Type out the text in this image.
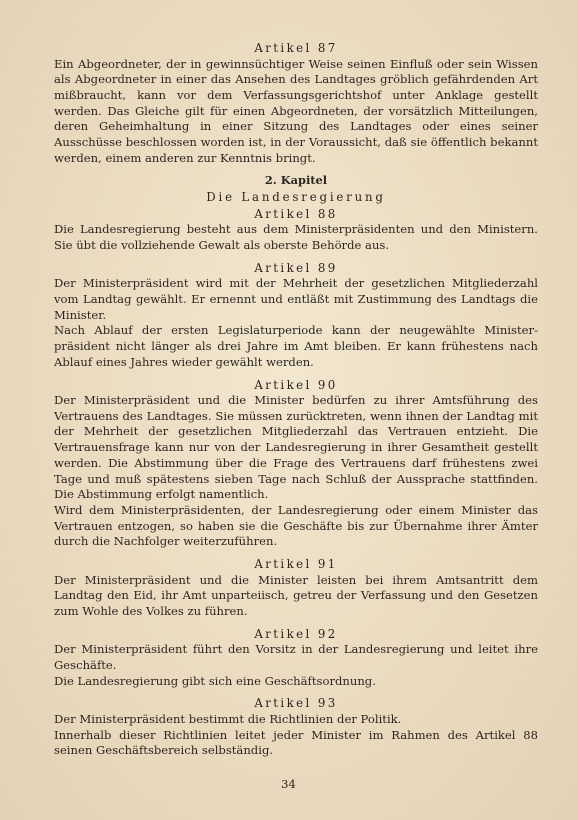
Artikel 87

Ein Abgeordneter, der in gewinnsüchtiger Weise seinen Einfluß oder sein Wissen als Abgeordneter in einer das Ansehen des Landtages gröblich gefährdenden Art mißbraucht, kann vor dem Verfassungsgerichtshof unter Anklage gestellt werden. Das Gleiche gilt für einen Abgeordneten, der vorsätzlich Mitteilungen, deren Geheimhaltung in einer Sitzung des Landtages oder eines seiner Ausschüsse beschlossen worden ist, in der Voraussicht, daß sie öffentlich bekannt werden, einem anderen zur Kenntnis bringt.

2. Kapitel

Die Landesregierung

Artikel 88

Die Landesregierung besteht aus dem Ministerpräsidenten und den Ministern. Sie übt die vollziehende Gewalt als oberste Behörde aus.

Artikel 89

Der Ministerpräsident wird mit der Mehrheit der gesetzlichen Mitgliederzahl vom Landtag gewählt. Er ernennt und entläßt mit Zustimmung des Landtags die Minister.

Nach Ablauf der ersten Legislaturperiode kann der neugewählte Ministerpräsident nicht länger als drei Jahre im Amt bleiben. Er kann frühestens nach Ablauf eines Jahres wieder gewählt werden.

Artikel 90

Der Ministerpräsident und die Minister bedürfen zu ihrer Amtsführung des Vertrauens des Landtages. Sie müssen zurücktreten, wenn ihnen der Landtag mit der Mehrheit der gesetzlichen Mitgliederzahl das Vertrauen entzieht. Die Vertrauensfrage kann nur von der Landesregierung in ihrer Gesamtheit gestellt werden. Die Abstimmung über die Frage des Vertrauens darf frühestens zwei Tage und muß spätestens sieben Tage nach Schluß der Aussprache stattfinden. Die Abstimmung erfolgt namentlich.

Wird dem Ministerpräsidenten, der Landesregierung oder einem Minister das Vertrauen entzogen, so haben sie die Geschäfte bis zur Übernahme ihrer Ämter durch die Nachfolger weiterzuführen.

Artikel 91

Der Ministerpräsident und die Minister leisten bei ihrem Amtsantritt dem Landtag den Eid, ihr Amt unparteiisch, getreu der Verfassung und den Gesetzen zum Wohle des Volkes zu führen.

Artikel 92

Der Ministerpräsident führt den Vorsitz in der Landesregierung und leitet ihre Geschäfte.

Die Landesregierung gibt sich eine Geschäftsordnung.

Artikel 93

Der Ministerpräsident bestimmt die Richtlinien der Politik.

Innerhalb dieser Richtlinien leitet jeder Minister im Rahmen des Artikel 88 seinen Geschäftsbereich selbständig.

34
